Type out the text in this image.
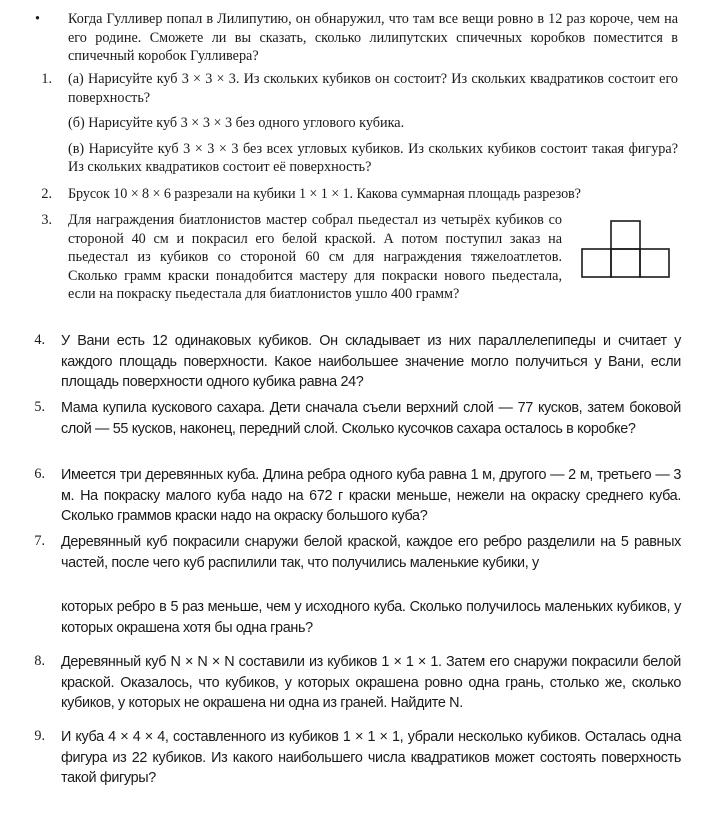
• Когда Гулливер попал в Лилипутию, он обнаружил, что там все вещи ровно в 12 раз короче, чем на его родине. Сможете ли вы сказать, сколько лилипутских спичечных коробков поместится в спичечный коробок Гулливера?

1. (а) Нарисуйте куб 3 × 3 × 3. Из скольких кубиков он состоит? Из скольких квадратиков состоит его поверхность?

(б) Нарисуйте куб 3 × 3 × 3 без одного углового кубика.

(в) Нарисуйте куб 3 × 3 × 3 без всех угловых кубиков. Из скольких кубиков состоит такая фигура? Из скольких квадратиков состоит её поверхность?

2. Брусок 10 × 8 × 6 разрезали на кубики 1 × 1 × 1. Какова суммарная площадь разрезов?

3. Для награждения биатлонистов мастер собрал пьедестал из четырёх кубиков со стороной 40 см и покрасил его белой краской. А потом поступил заказ на пьедестал из кубиков со стороной 60 см для награждения тяжелоатлетов. Сколько грамм краски понадобится мастеру для покраски нового пьедестала, если на покраску пьедестала для биатлонистов ушло 400 грамм?

4. У Вани есть 12 одинаковых кубиков. Он складывает из них параллелепипеды и считает у каждого площадь поверхности. Какое наибольшее значение могло получиться у Вани, если площадь поверхности одного кубика равна 24?

5. Мама купила кускового сахара. Дети сначала съели верхний слой — 77 кусков, затем боковой слой — 55 кусков, наконец, передний слой. Сколько кусочков сахара осталось в коробке?

6. Имеется три деревянных куба. Длина ребра одного куба равна 1 м, другого — 2 м, третьего — 3 м. На покраску малого куба надо на 672 г краски меньше, нежели на окраску среднего куба. Сколько граммов краски надо на окраску большого куба?

7. Деревянный куб покрасили снаружи белой краской, каждое его ребро разделили на 5 равных частей, после чего куб распилили так, что получились маленькие кубики, у

которых ребро в 5 раз меньше, чем у исходного куба. Сколько получилось маленьких кубиков, у которых окрашена хотя бы одна грань?
8. Деревянный куб N × N × N составили из кубиков 1 × 1 × 1. Затем его снаружи покрасили белой краской. Оказалось, что кубиков, у которых окрашена ровно одна грань, столько же, сколько кубиков, у которых не окрашена ни одна из граней. Найдите N.

9. И куба 4 × 4 × 4, составленного из кубиков 1 × 1 × 1, убрали несколько кубиков. Осталась одна фигура из 22 кубиков. Из какого наибольшего числа квадратиков может состоять поверхность такой фигуры?
